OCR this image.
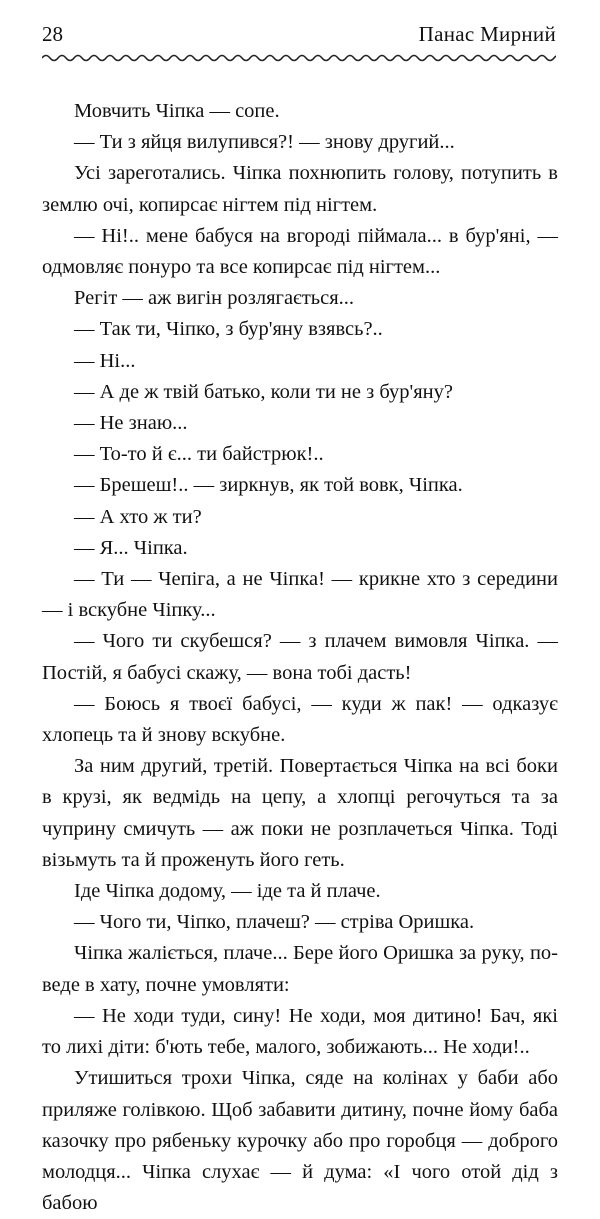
28	Панас Мирний

Мовчить Чіпка — сопе.

— Ти з яйця вилупився?! — знову другий...

Усі зареготались. Чіпка похнюпить голову, потупить в землю очі, копирсає нігтем під нігтем.

— Ні!.. мене бабуся на вгороді піймала... в бур'яні, — одмовляє понуро та все копирсає під нігтем...

Регіт — аж вигін розлягається...

— Так ти, Чіпко, з бур'яну взявсь?..

— Ні...

— А де ж твій батько, коли ти не з бур'яну?

— Не знаю...

— То-то й є... ти байстрюк!..

— Брешеш!.. — зиркнув, як той вовк, Чіпка.

— А хто ж ти?

— Я... Чіпка.

— Ти — Чепіга, а не Чіпка! — крикне хто з середини — і вскубне Чіпку...

— Чого ти скубешся? — з плачем вимовля Чіпка. — Постій, я бабусі скажу, — вона тобі дасть!

— Боюсь я твоєї бабусі, — куди ж пак! — одказує хлопець та й знову вскубне.

За ним другий, третій. Повертається Чіпка на всі боки в крузі, як ведмідь на цепу, а хлопці регочуться та за чуприну смичуть — аж поки не розплачеться Чіпка. Тоді візьмуть та й проженуть його геть.

Іде Чіпка додому, — іде та й плаче.

— Чого ти, Чіпко, плачеш? — стріва Оришка.

Чіпка жаліється, плаче... Бере його Оришка за руку, поведе в хату, почне умовляти:

— Не ходи туди, сину! Не ходи, моя дитино! Бач, які то лихі діти: б'ють тебе, малого, зобижають... Не ходи!..

Утишиться трохи Чіпка, сяде на колінах у баби або приляже голівкою. Щоб забавити дитину, почне йому баба казочку про рябеньку курочку або про горобця — доброго молодця... Чіпка слухає — й дума: «І чого отой дід з бабою
